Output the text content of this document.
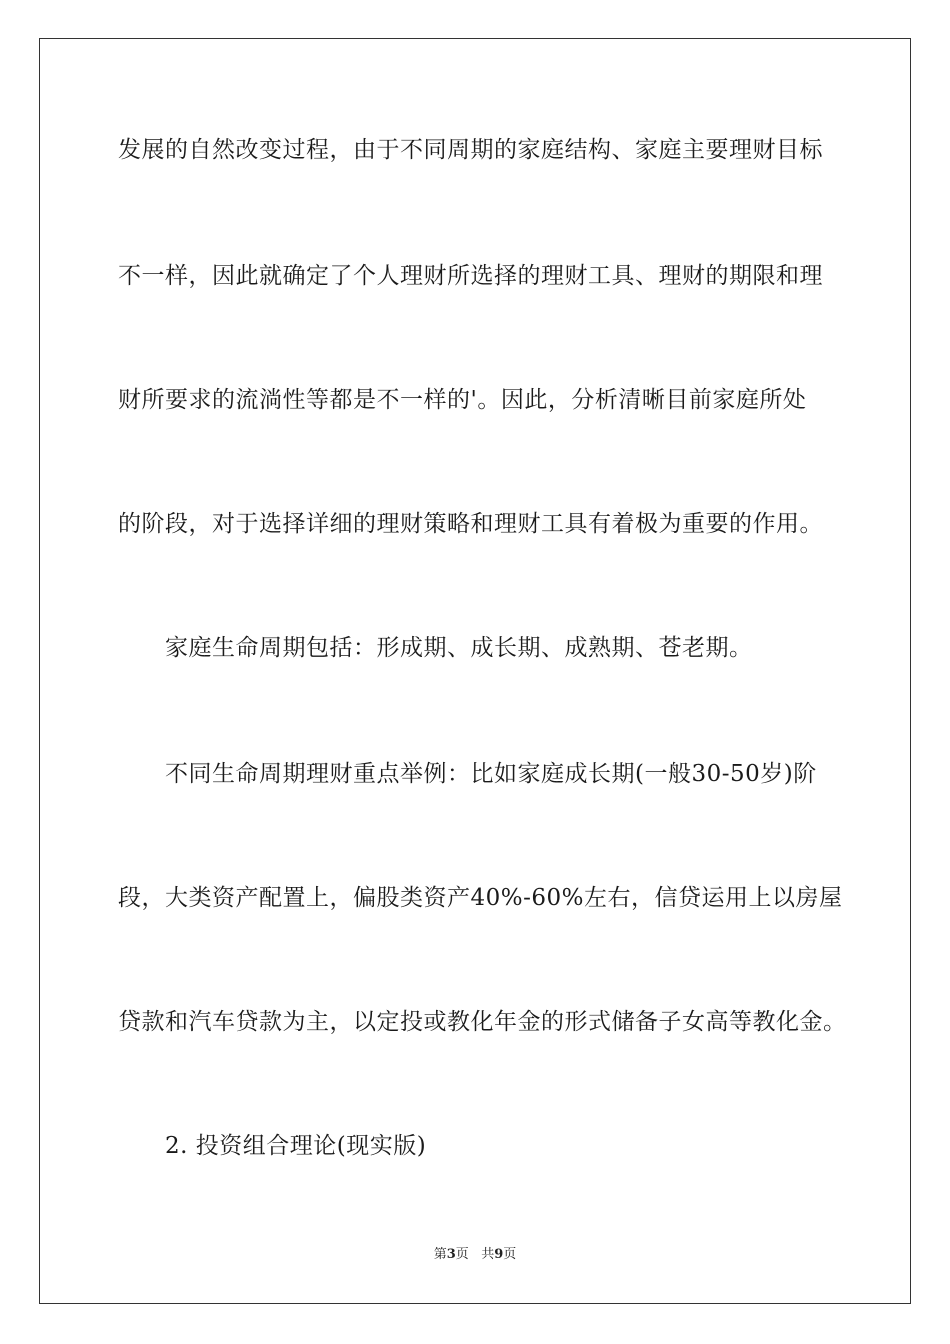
发展的自然改变过程，由于不同周期的家庭结构、家庭主要理财目标
不一样，因此就确定了个人理财所选择的理财工具、理财的期限和理
财所要求的流淌性等都是不一样的'。因此，分析清晰目前家庭所处
的阶段，对于选择详细的理财策略和理财工具有着极为重要的作用。
家庭生命周期包括：形成期、成长期、成熟期、苍老期。
不同生命周期理财重点举例：比如家庭成长期(一般30-50岁)阶
段，大类资产配置上，偏股类资产40%-60%左右，信贷运用上以房屋
贷款和汽车贷款为主，以定投或教化年金的形式储备子女高等教化金。
2. 投资组合理论(现实版)
第3页   共9页
